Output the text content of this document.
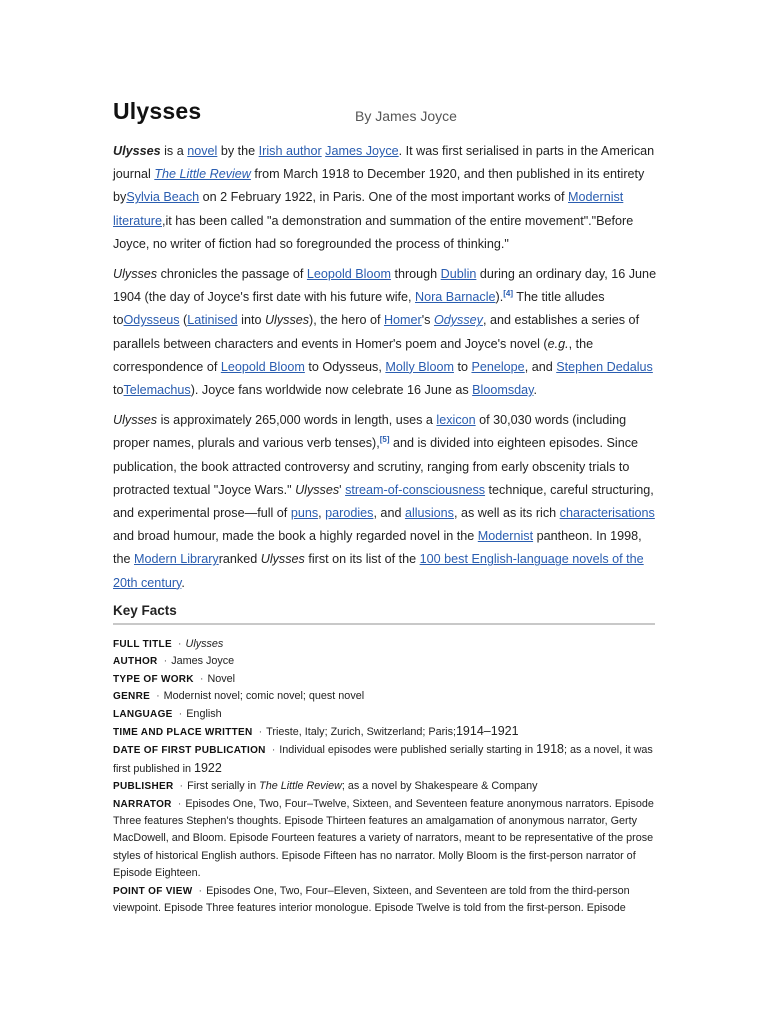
Ulysses	By James Joyce

Ulysses is a novel by the Irish author James Joyce. It was first serialised in parts in the American journal The Little Review from March 1918 to December 1920, and then published in its entirety bySylvia Beach on 2 February 1922, in Paris. One of the most important works of Modernist literature,it has been called "a demonstration and summation of the entire movement"."Before Joyce, no writer of fiction had so foregrounded the process of thinking."

Ulysses chronicles the passage of Leopold Bloom through Dublin during an ordinary day, 16 June 1904 (the day of Joyce's first date with his future wife, Nora Barnacle).[4] The title alludes toOdysseus (Latinised into Ulysses), the hero of Homer's Odyssey, and establishes a series of parallels between characters and events in Homer's poem and Joyce's novel (e.g., the correspondence of Leopold Bloom to Odysseus, Molly Bloom to Penelope, and Stephen Dedalus toTelemachus). Joyce fans worldwide now celebrate 16 June as Bloomsday.

Ulysses is approximately 265,000 words in length, uses a lexicon of 30,030 words (including proper names, plurals and various verb tenses),[5] and is divided into eighteen episodes. Since publication, the book attracted controversy and scrutiny, ranging from early obscenity trials to protracted textual "Joyce Wars." Ulysses' stream-of-consciousness technique, careful structuring, and experimental prose—full of puns, parodies, and allusions, as well as its rich characterisations and broad humour, made the book a highly regarded novel in the Modernist pantheon. In 1998, the Modern Libraryranked Ulysses first on its list of the 100 best English-language novels of the 20th century.

Key Facts

FULL TITLE · Ulysses

AUTHOR · James Joyce

TYPE OF WORK · Novel

GENRE · Modernist novel; comic novel; quest novel

LANGUAGE · English

TIME AND PLACE WRITTEN · Trieste, Italy; Zurich, Switzerland; Paris;1914–1921

DATE OF FIRST PUBLICATION · Individual episodes were published serially starting in 1918; as a novel, it was first published in 1922

PUBLISHER · First serially in The Little Review; as a novel by Shakespeare & Company

NARRATOR · Episodes One, Two, Four–Twelve, Sixteen, and Seventeen feature anonymous narrators. Episode Three features Stephen's thoughts. Episode Thirteen features an amalgamation of anonymous narrator, Gerty MacDowell, and Bloom. Episode Fourteen features a variety of narrators, meant to be representative of the prose styles of historical English authors. Episode Fifteen has no narrator. Molly Bloom is the first-person narrator of Episode Eighteen.

POINT OF VIEW · Episodes One, Two, Four–Eleven, Sixteen, and Seventeen are told from the third-person viewpoint. Episode Three features interior monologue. Episode Twelve is told from the first-person. Episode
